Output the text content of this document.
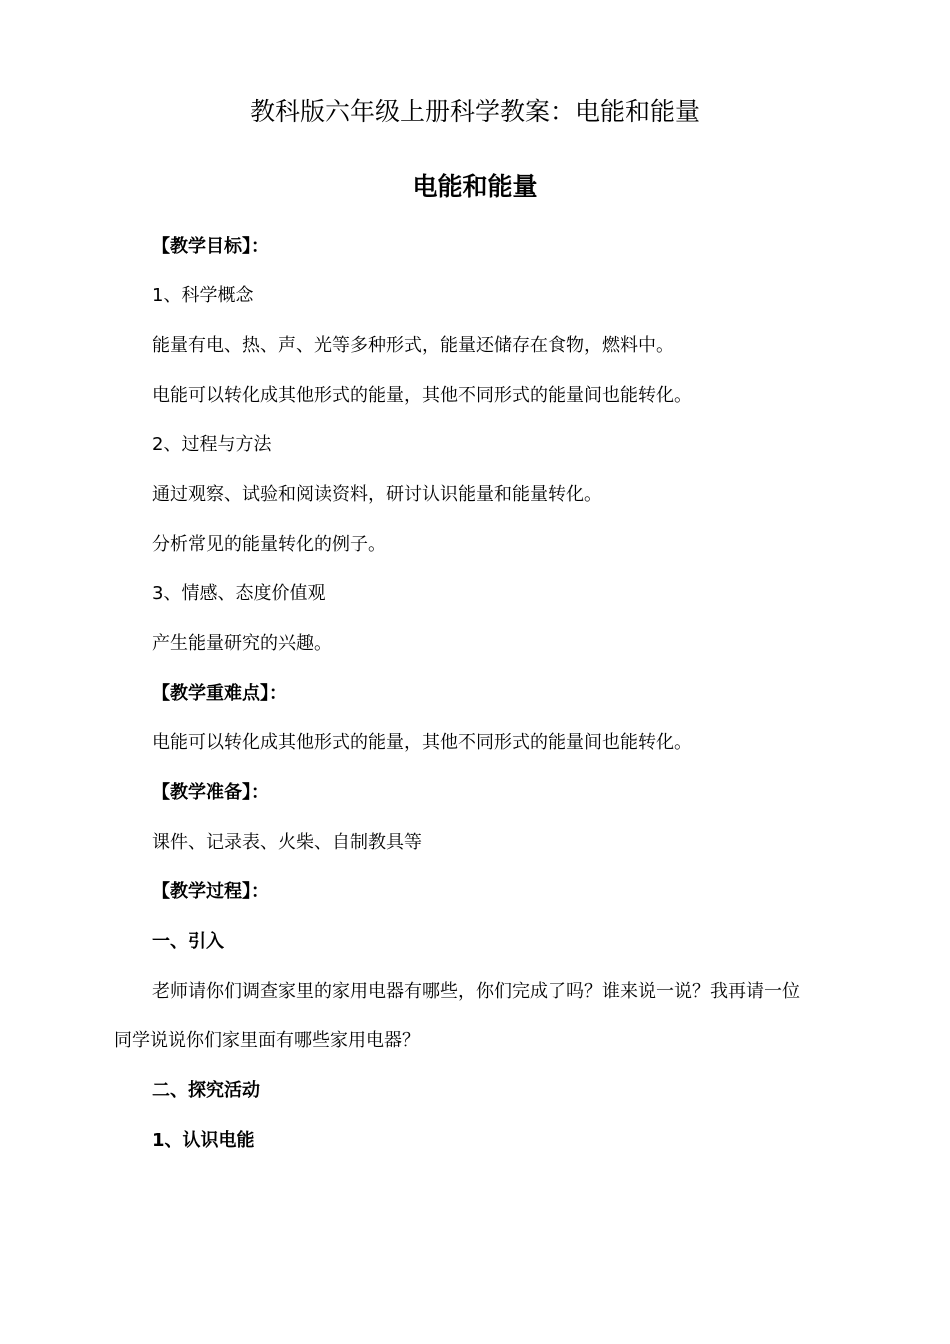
教科版六年级上册科学教案：电能和能量
电能和能量
【教学目标】：
1、科学概念
能量有电、热、声、光等多种形式，能量还储存在食物，燃料中。
电能可以转化成其他形式的能量，其他不同形式的能量间也能转化。
2、过程与方法
通过观察、试验和阅读资料，研讨认识能量和能量转化。
分析常见的能量转化的例子。
3、情感、态度价值观
产生能量研究的兴趣。
【教学重难点】：
电能可以转化成其他形式的能量，其他不同形式的能量间也能转化。
【教学准备】：
课件、记录表、火柴、自制教具等
【教学过程】：
一、引入
老师请你们调查家里的家用电器有哪些，你们完成了吗？谁来说一说？我再请一位
同学说说你们家里面有哪些家用电器？
二、探究活动
1、认识电能
